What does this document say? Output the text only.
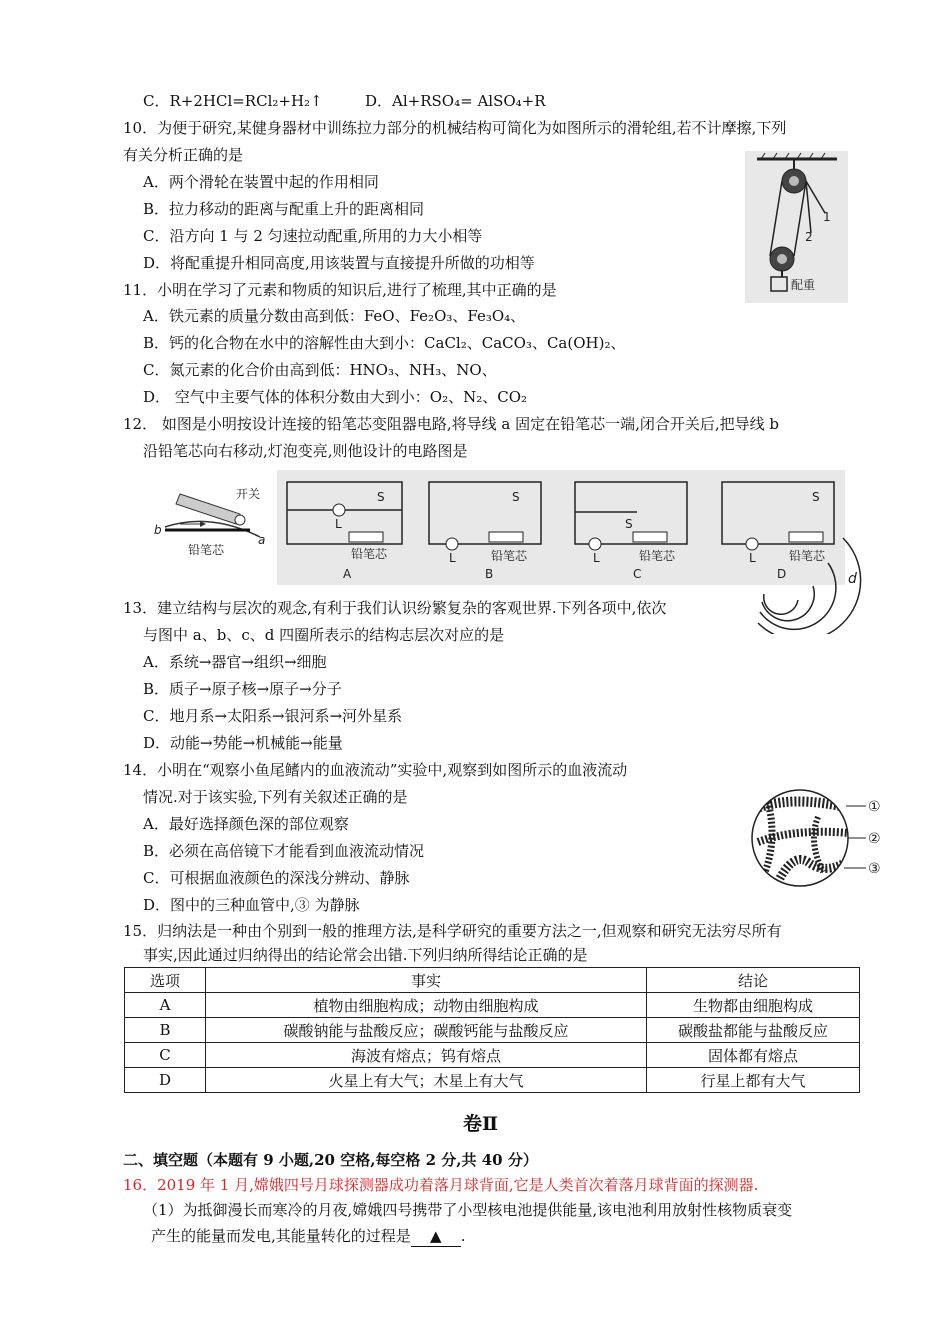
C．R+2HCl=RCl₂+H₂↑	D．Al+RSO₄= AlSO₄+R
10．为便于研究,某健身器材中训练拉力部分的机械结构可简化为如图所示的滑轮组,若不计摩擦,下列
有关分析正确的是
A．两个滑轮在装置中起的作用相同
B．拉力移动的距离与配重上升的距离相同
C．沿方向 1 与 2 匀速拉动配重,所用的力大小相等
D．将配重提升相同高度,用该装置与直接提升所做的功相等
1
2
配重
11．小明在学习了元素和物质的知识后,进行了梳理,其中正确的是
A．铁元素的质量分数由高到低：FeO、Fe₂O₃、Fe₃O₄、
B．钙的化合物在水中的溶解性由大到小：CaCl₂、CaCO₃、Ca(OH)₂、
C．氮元素的化合价由高到低：HNO₃、NH₃、NO、
D． 空气中主要气体的体积分数由大到小：O₂、N₂、CO₂
12． 如图是小明按设计连接的铅笔芯变阻器电路,将导线 a 固定在铅笔芯一端,闭合开关后,把导线 b
沿铅笔芯向右移动,灯泡变亮,则他设计的电路图是
开关
铅笔芯
b
a
S
L
铅笔芯
A
S
L	铅笔芯
B
S
L	铅笔芯
C
S
L	铅笔芯
D	d
13．建立结构与层次的观念,有利于我们认识纷繁复杂的客观世界.下列各项中,依次
与图中 a、b、c、d 四圈所表示的结构志层次对应的是
A．系统→器官→组织→细胞
B．质子→原子核→原子→分子
C．地月系→太阳系→银河系→河外星系
D．动能→势能→机械能→能量
14．小明在“观察小鱼尾鳍内的血液流动”实验中,观察到如图所示的血液流动
情况.对于该实验,下列有关叙述正确的是
A．最好选择颜色深的部位观察
B．必须在高倍镜下才能看到血液流动情况
C．可根据血液颜色的深浅分辨动、静脉
D．图中的三种血管中,③ 为静脉
①
②
③
15．归纳法是一种由个别到一般的推理方法,是科学研究的重要方法之一,但观察和研究无法穷尽所有
事实,因此通过归纳得出的结论常会出错.下列归纳所得结论正确的是
选项	事实	结论
A	植物由细胞构成；动物由细胞构成	生物都由细胞构成
B	碳酸钠能与盐酸反应；碳酸钙能与盐酸反应	碳酸盐都能与盐酸反应
C	海波有熔点；钨有熔点	固体都有熔点
D	火星上有大气；木星上有大气	行星上都有大气
卷Ⅱ
二、填空题（本题有 9 小题,20 空格,每空格 2 分,共 40 分）
16．2019 年 1 月,嫦娥四号月球探测器成功着落月球背面,它是人类首次着落月球背面的探测器.
（1）为抵御漫长而寒冷的月夜,嫦娥四号携带了小型核电池提供能量,该电池利用放射性核物质衰变
产生的能量而发电,其能量转化的过程是 ▲ .
